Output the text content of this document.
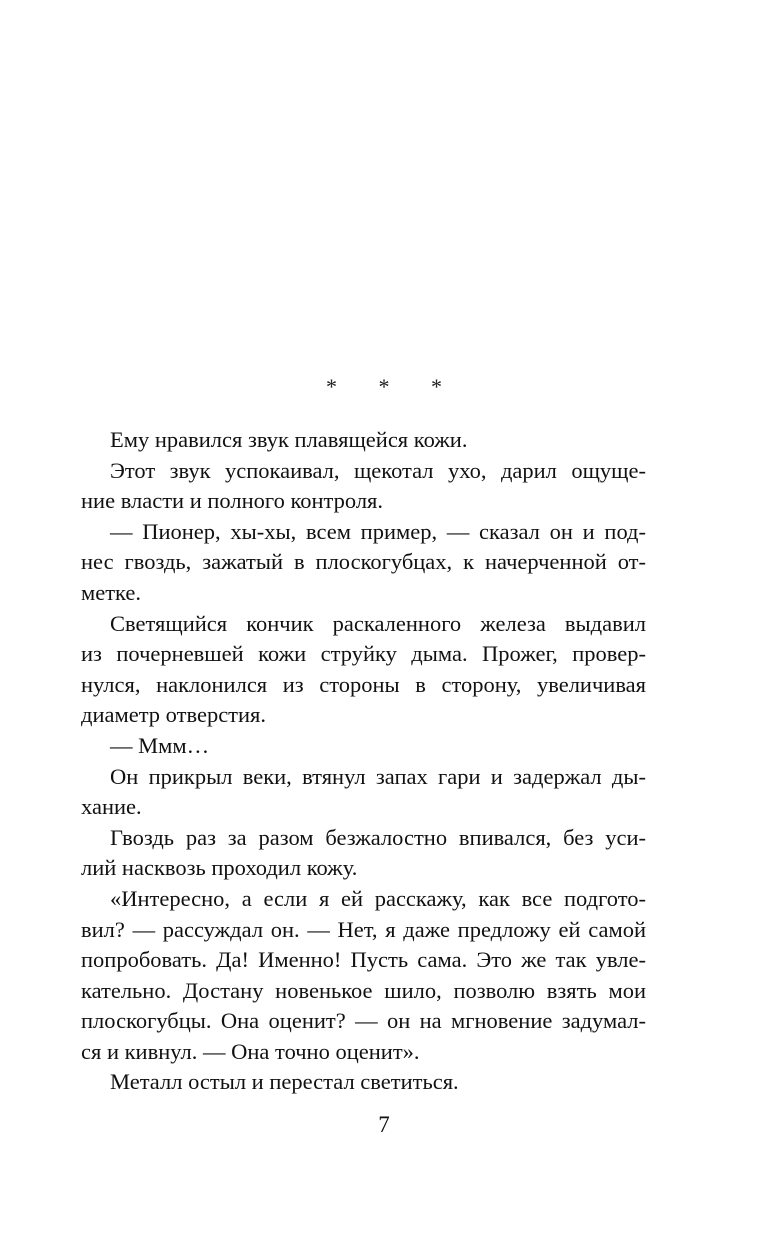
* * *
Ему нравился звук плавящейся кожи.
Этот звук успокаивал, щекотал ухо, дарил ощуще-
ние власти и полного контроля.
— Пионер, хы-хы, всем пример, — сказал он и под-
нес гвоздь, зажатый в плоскогубцах, к начерченной от-
метке.
Светящийся кончик раскаленного железа выдавил
из почерневшей кожи струйку дыма. Прожег, провер-
нулся, наклонился из стороны в сторону, увеличивая
диаметр отверстия.
— Ммм…
Он прикрыл веки, втянул запах гари и задержал ды-
хание.
Гвоздь раз за разом безжалостно впивался, без уси-
лий насквозь проходил кожу.
«Интересно, а если я ей расскажу, как все подгото-
вил? — рассуждал он. — Нет, я даже предложу ей самой
попробовать. Да! Именно! Пусть сама. Это же так увле-
кательно. Достану новенькое шило, позволю взять мои
плоскогубцы. Она оценит? — он на мгновение задумал-
ся и кивнул. — Она точно оценит».
Металл остыл и перестал светиться.
7
